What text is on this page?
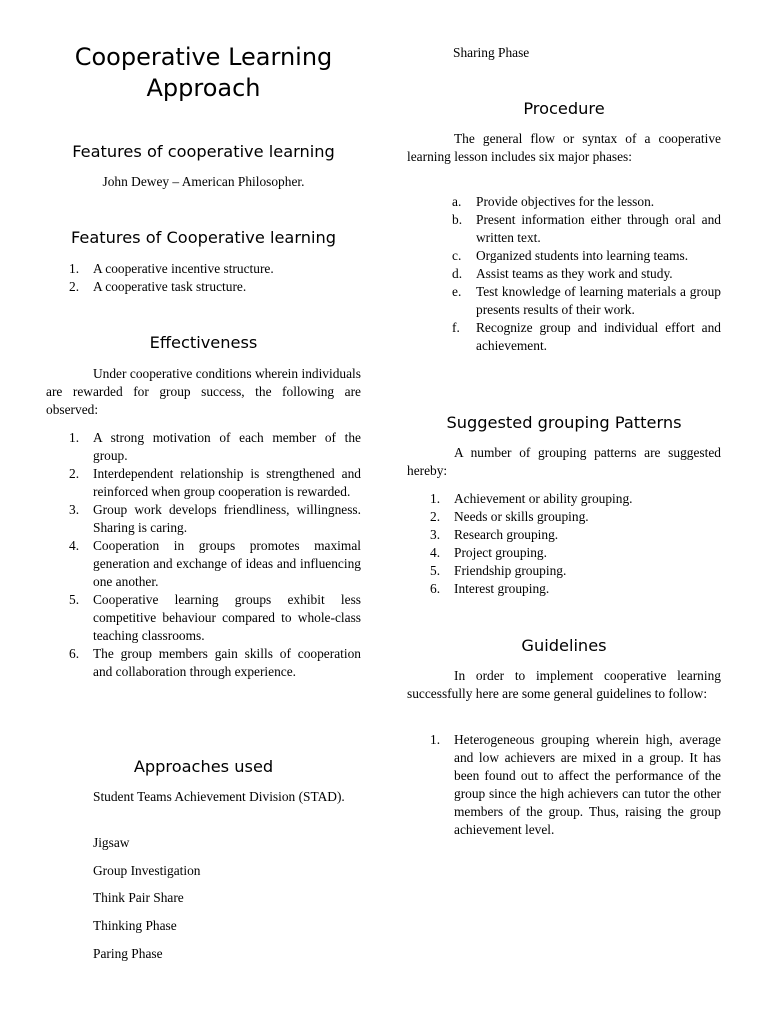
Cooperative Learning Approach
Features of cooperative learning

John Dewey – American Philosopher.

Features of Cooperative learning
1. A cooperative incentive structure.
2. A cooperative task structure.
Effectiveness

Under cooperative conditions wherein individuals are rewarded for group success, the following are observed:

1. A strong motivation of each member of the group.
2. Interdependent relationship is strengthened and reinforced when group cooperation is rewarded.
3. Group work develops friendliness, willingness. Sharing is caring.
4. Cooperation in groups promotes maximal generation and exchange of ideas and influencing one another.
5. Cooperative learning groups exhibit less competitive behaviour compared to whole-class teaching classrooms.
6. The group members gain skills of cooperation and collaboration through experience.
Approaches used

Student Teams Achievement Division (STAD).

Jigsaw

Group Investigation

Think Pair Share

Thinking Phase

Paring Phase

Sharing Phase

Procedure

The general flow or syntax of a cooperative learning lesson includes six major phases:

a. Provide objectives for the lesson.
b. Present information either through oral and written text.
c. Organized students into learning teams.
d. Assist teams as they work and study.
e. Test knowledge of learning materials a group presents results of their work.
f. Recognize group and individual effort and achievement.
Suggested grouping Patterns

A number of grouping patterns are suggested hereby:

1. Achievement or ability grouping.
2. Needs or skills grouping.
3. Research grouping.
4. Project grouping.
5. Friendship grouping.
6. Interest grouping.
Guidelines

In order to implement cooperative learning successfully here are some general guidelines to follow:

1. Heterogeneous grouping wherein high, average and low achievers are mixed in a group. It has been found out to affect the performance of the group since the high achievers can tutor the other members of the group. Thus, raising the group achievement level.
